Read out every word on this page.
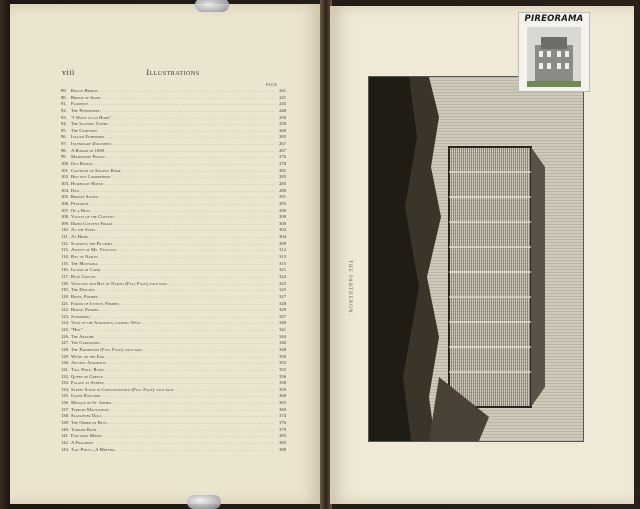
viii	Illustrations
PAGE
89. Rialto Bridge .....	241
90. Bridge of Sighs .....	241
91. Florence .....	245
92. The Pennsionee .....	248
93. "I Want to go Home" .....	250
94. The Leaning Tower .....	258
95. The Cemetery .....	260
96. Italian Fishermen .....	265
97. Incendiary Document .....	267
98. A Roman of 1869 .....	267
99. Mamertine Prison .....	276
100. Old Roman .....	278
101. Coliseum of Ancient Rome .....	281
102. Bud not Comprehend .....	283
103. Humboldt House .....	285
104. Dan .....	289
105. Bronze Statue .....	291
106. Petrarch .....	295
107. Of a Bust .....	296
108. Vaults of the Convent .....	299
109. Dried Convent Friars .....	300
110. At the Steps .....	302
111. At Home .....	304
112. Scouring the Pilgrims .....	309
113. Ascent of Mt. Vesuvius .....	312
114. Bay of Naples .....	313
115. The Moutaina .....	315
116. Island of Capri .....	321
117. Blue Grotto .....	324
118. Vesuvius and Bay of Naples (Full Page), face page .....	325
119. The Descent .....	325
120. Ruins, Pompeii .....	327
121. Forum of Justice, Pompeii .....	328
122. House, Pompeii .....	329
123. Stromboli .....	337
124. View of the Acropolis, looking West .....	340
125. "Hot" .....	341
126. The Arsaide .....	344
127. The Caryatides .....	346
128. The Parthenon (Full Page), face page .....	348
129. We're on the Ear .....	350
130. Ancient Acropolis .....	352
131. Tall Peice, Ruins .....	355
132. Queen of Greece .....	356
133. Palace at Athens .....	358
134. Street Scene in Constantinople (Full Page), face page .....	359
135. Goose Rancher .....	360
136. Mosque of St. Sophia .....	365
137. Turkish Mausoleum .....	369
138. Slaughter Dogs .....	374
139. The Order of Buts .....	376
140. Turkish Bath .....	379
141. Far-away Moses .....	383
142. A Fragment .....	385
143. Tail-Piece—A Meeting .....	388
THE PARTHENON.
PIREORAMA
